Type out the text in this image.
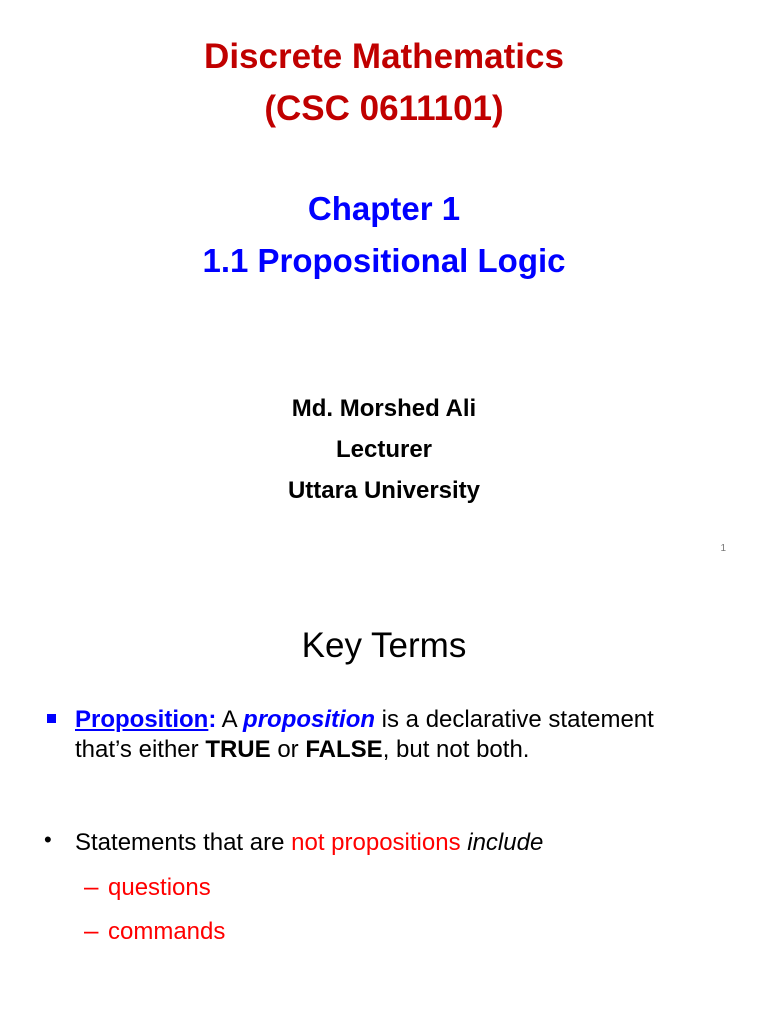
Discrete Mathematics
(CSC 0611101)
Chapter 1
1.1 Propositional Logic
Md. Morshed Ali
Lecturer
Uttara University
1
Key Terms
Proposition: A proposition is a declarative statement
that’s either TRUE or FALSE, but not both.
• Statements that are not propositions include
– questions
– commands
